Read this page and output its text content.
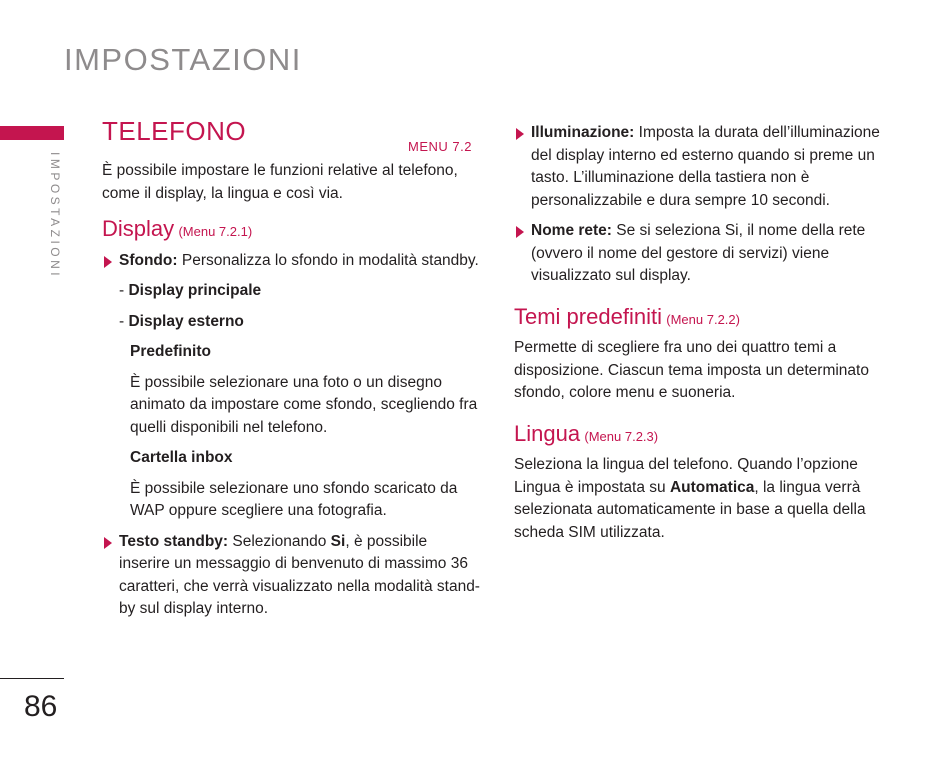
IMPOSTAZIONI
IMPOSTAZIONI
86
TELEFONO
MENU 7.2

È possibile impostare le funzioni relative al telefono, come il display, la lingua e così via.

Display (Menu 7.2.1)

Sfondo: Personalizza lo sfondo in modalità standby.

- Display principale

- Display esterno

Predefinito

È possibile selezionare una foto o un disegno animato da impostare come sfondo, scegliendo fra quelli disponibili nel telefono.

Cartella inbox

È possibile selezionare uno sfondo scaricato da WAP oppure scegliere una fotografia.

Testo standby: Selezionando Si, è possibile inserire un messaggio di benvenuto di massimo 36 caratteri, che verrà visualizzato nella modalità stand-by sul display interno.

Illuminazione: Imposta la durata dell’illuminazione del display interno ed esterno quando si preme un tasto. L’illuminazione della tastiera non è personalizzabile e dura sempre 10 secondi.

Nome rete: Se si seleziona Si, il nome della rete (ovvero il nome del gestore di servizi) viene visualizzato sul display.

Temi predefiniti (Menu 7.2.2)

Permette di scegliere fra uno dei quattro temi a disposizione. Ciascun tema imposta un determinato sfondo, colore menu e suoneria.

Lingua (Menu 7.2.3)

Seleziona la lingua del telefono. Quando l’opzione Lingua è impostata su Automatica, la lingua verrà selezionata automaticamente in base a quella della scheda SIM utilizzata.
